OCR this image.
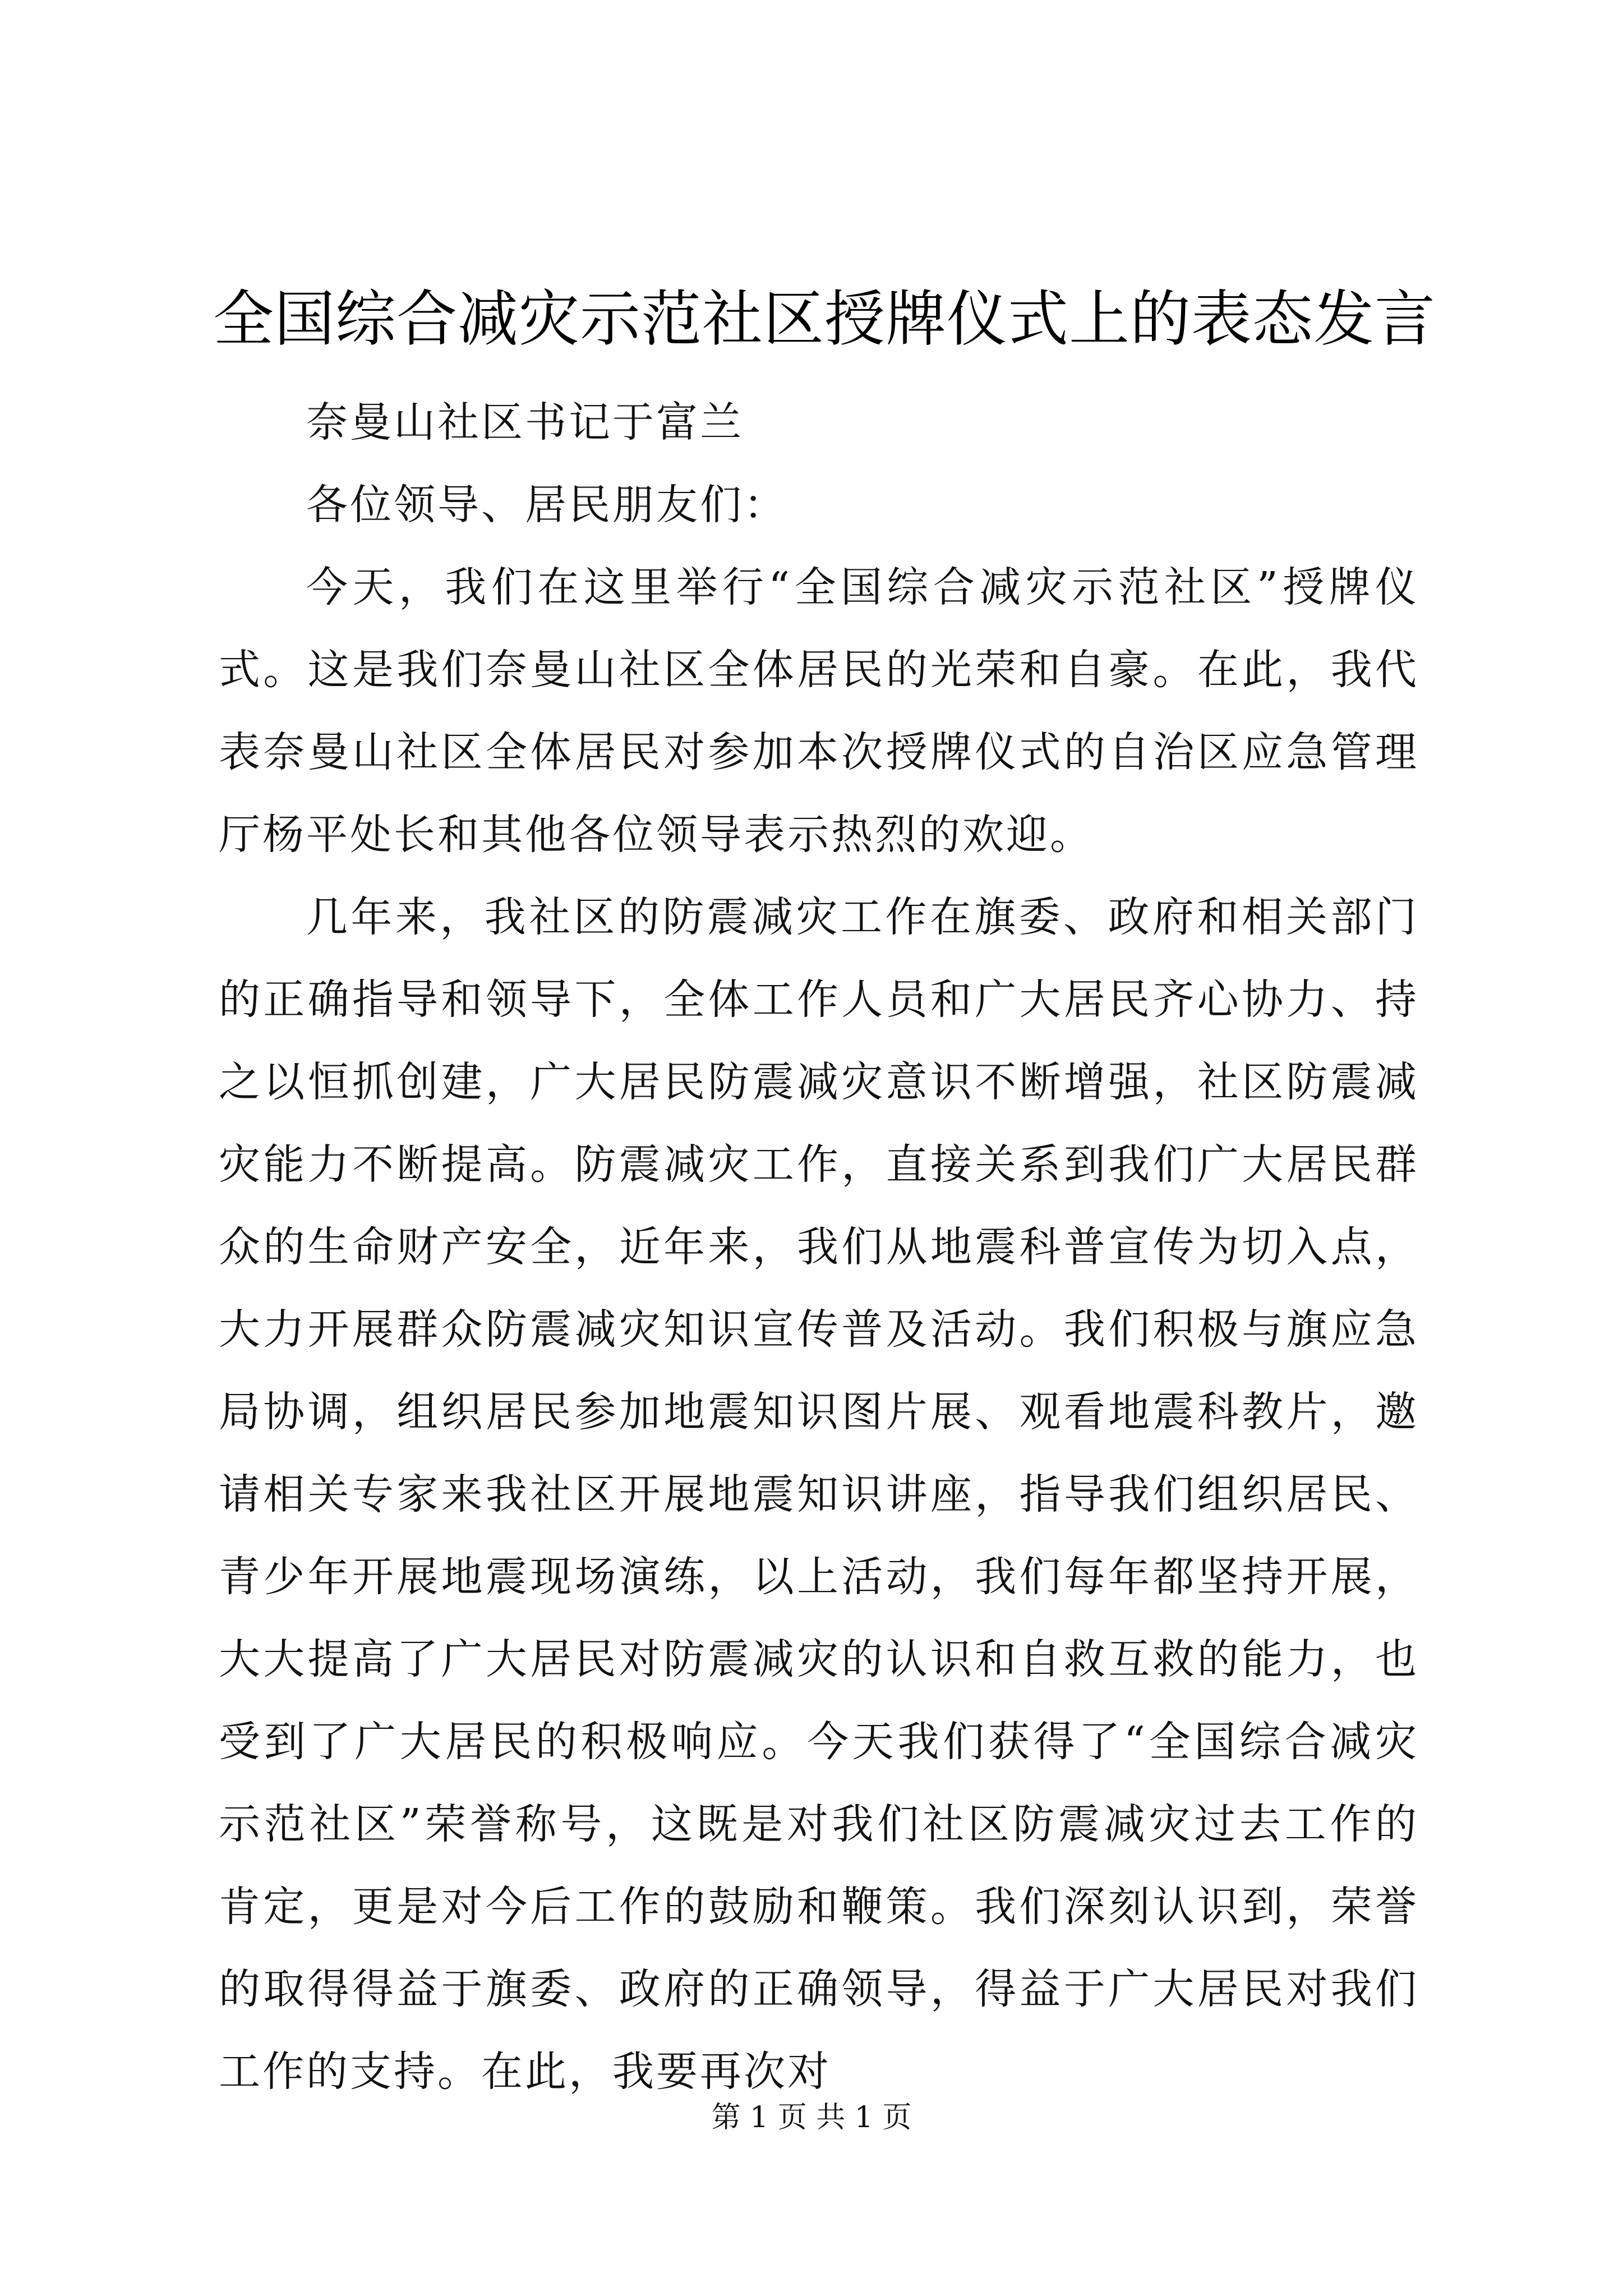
全国综合减灾示范社区授牌仪式上的表态发言

奈曼山社区书记于富兰

各位领导、居民朋友们：

今天，我们在这里举行“全国综合减灾示范社区”授牌仪式。这是我们奈曼山社区全体居民的光荣和自豪。在此，我代表奈曼山社区全体居民对参加本次授牌仪式的自治区应急管理厅杨平处长和其他各位领导表示热烈的欢迎。

几年来，我社区的防震减灾工作在旗委、政府和相关部门的正确指导和领导下，全体工作人员和广大居民齐心协力、持之以恒抓创建，广大居民防震减灾意识不断增强，社区防震减灾能力不断提高。防震减灾工作，直接关系到我们广大居民群众的生命财产安全，近年来，我们从地震科普宣传为切入点，大力开展群众防震减灾知识宣传普及活动。我们积极与旗应急局协调，组织居民参加地震知识图片展、观看地震科教片，邀请相关专家来我社区开展地震知识讲座，指导我们组织居民、青少年开展地震现场演练，以上活动，我们每年都坚持开展，大大提高了广大居民对防震减灾的认识和自救互救的能力，也受到了广大居民的积极响应。今天我们获得了“全国综合减灾示范社区”荣誉称号，这既是对我们社区防震减灾过去工作的肯定，更是对今后工作的鼓励和鞭策。我们深刻认识到，荣誉的取得得益于旗委、政府的正确领导，得益于广大居民对我们工作的支持。在此，我要再次对

第 1 页 共 1 页
